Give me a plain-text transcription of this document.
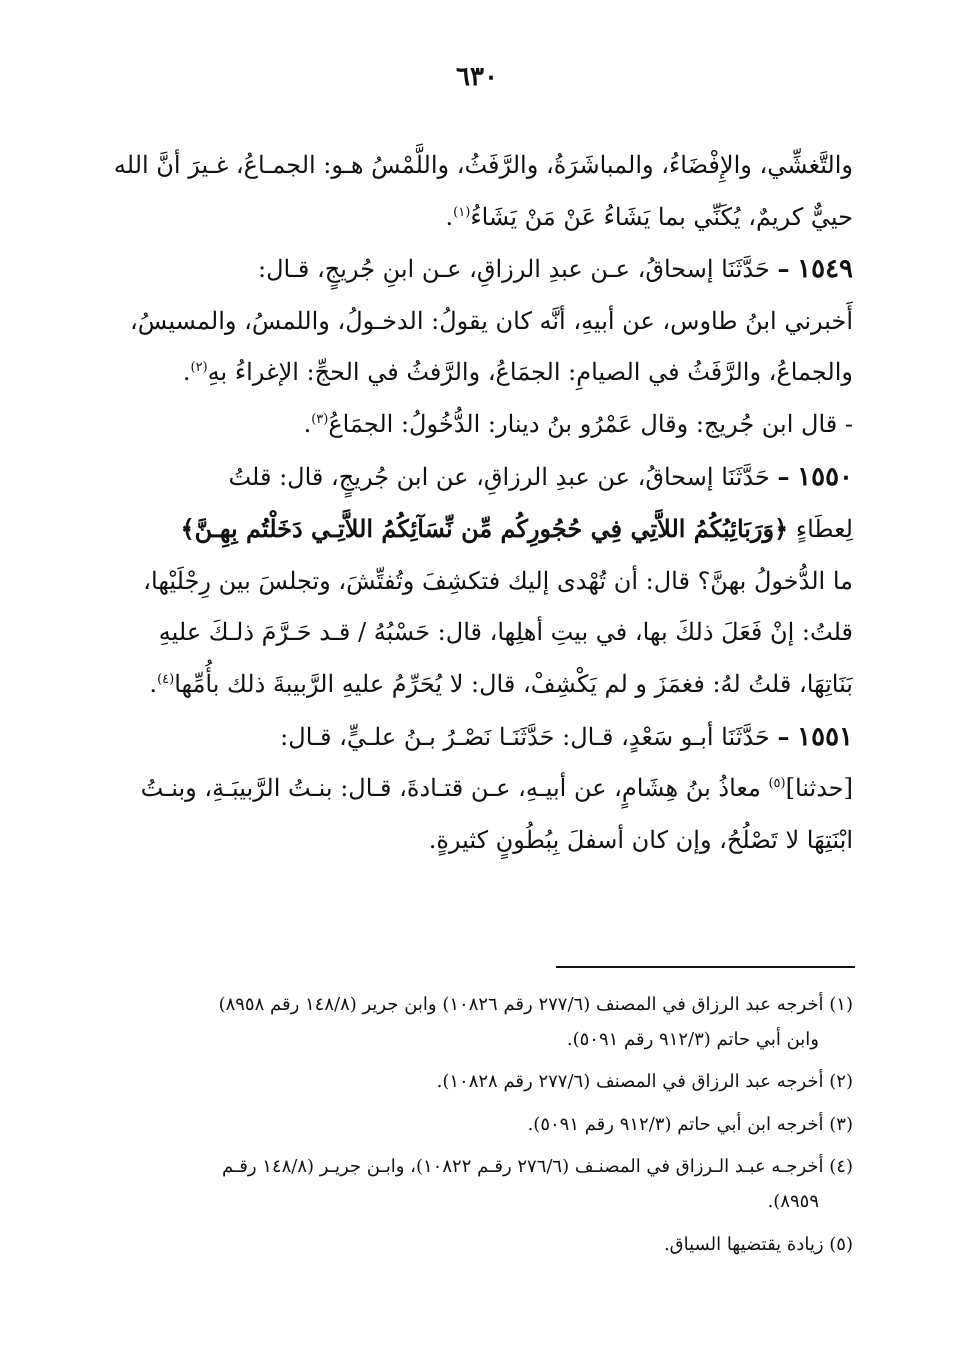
٦٣٠

والتَّغشِّي، والإِفْضَاءُ، والمباشَرَةُ، والرَّفَثُ، واللَّمْسُ هـو: الجمـاعُ، غـيرَ أنَّ الله

حييٌّ كريمٌ، يُكَنِّي بما يَشَاءُ عَنْ مَنْ يَشَاءُ$^{(١)}$.

١٥٤٩ – حَدَّثَنَا إسحاقُ، عـن عبدِ الرزاقِ، عـن ابنِ جُريجٍ، قـال:

أَخبرني ابنُ طاوس، عن أبيهِ، أنَّه كان يقولُ: الدخـولُ، واللمسُ، والمسيسُ،

والجماعُ، والرَّفَثُ في الصيامِ: الجمَاعُ، والرَّفثُ في الحجِّ: الإغراءُ بهِ$^{(٢)}$.

- قال ابن جُريج: وقال عَمْرُو بنُ دينار: الدُّخُولُ: الجمَاعُ$^{(٣)}$.

١٥٥٠ – حَدَّثَنَا إسحاقُ، عن عبدِ الرزاقِ، عن ابن جُريجٍ، قال: قلتُ

لِعطَاءٍ ﴿وَرَبَائِبُكُمُ اللاَّتِي فِي حُجُورِكُم مِّن نِّسَآئِكُمُ اللاَّتِـي دَخَلْتُم بِهِـنَّ﴾

ما الدُّخولُ بهنَّ؟ قال: أن تُهْدى إليك فتكشِفَ وتُفتِّشَ، وتجلسَ بين رِجْلَيْها،

قلتُ: إنْ فَعَلَ ذلكَ بها، في بيتِ أهلِها، قال: حَسْبُهُ / قـد حَـرَّمَ ذلـكَ عليهِ

بَنَاتِهَا، قلتُ لهُ: فغمَزَ و لم يَكْشِفْ، قال: لا يُحَرِّمُ عليهِ الرَّبيبةَ ذلك بأُمِّها$^{(٤)}$.

١٥٥١ – حَدَّثَنَا أبـو سَعْدٍ، قـال: حَدَّثَنَـا نَصْـرُ بـنُ علـيٍّ، قـال:

[حدثنا]$^{(٥)}$ معاذُ بنُ هِشَامٍ، عن أبيـهِ، عـن قتـادةَ، قـال: بنـتُ الرَّبيبَـةِ، وبنـتُ

ابْنَتِهَا لا تَصْلُحُ، وإن كان أسفلَ بِبُطُونٍ كثيرةٍ.

(١) أخرجه عبد الرزاق في المصنف (٢٧٧/٦ رقم ١٠٨٢٦) وابن جرير (١٤٨/٨ رقم ٨٩٥٨)
وابن أبي حاتم (٩١٢/٣ رقم ٥٠٩١).
(٢) أخرجه عبد الرزاق في المصنف (٢٧٧/٦ رقم ١٠٨٢٨).
(٣) أخرجه ابن أبي حاتم (٩١٢/٣ رقم ٥٠٩١).
(٤) أخرجـه عبـد الـرزاق في المصنـف (٢٧٦/٦ رقـم ١٠٨٢٢)، وابـن جريـر (١٤٨/٨ رقـم
٨٩٥٩).
(٥) زيادة يقتضيها السياق.
